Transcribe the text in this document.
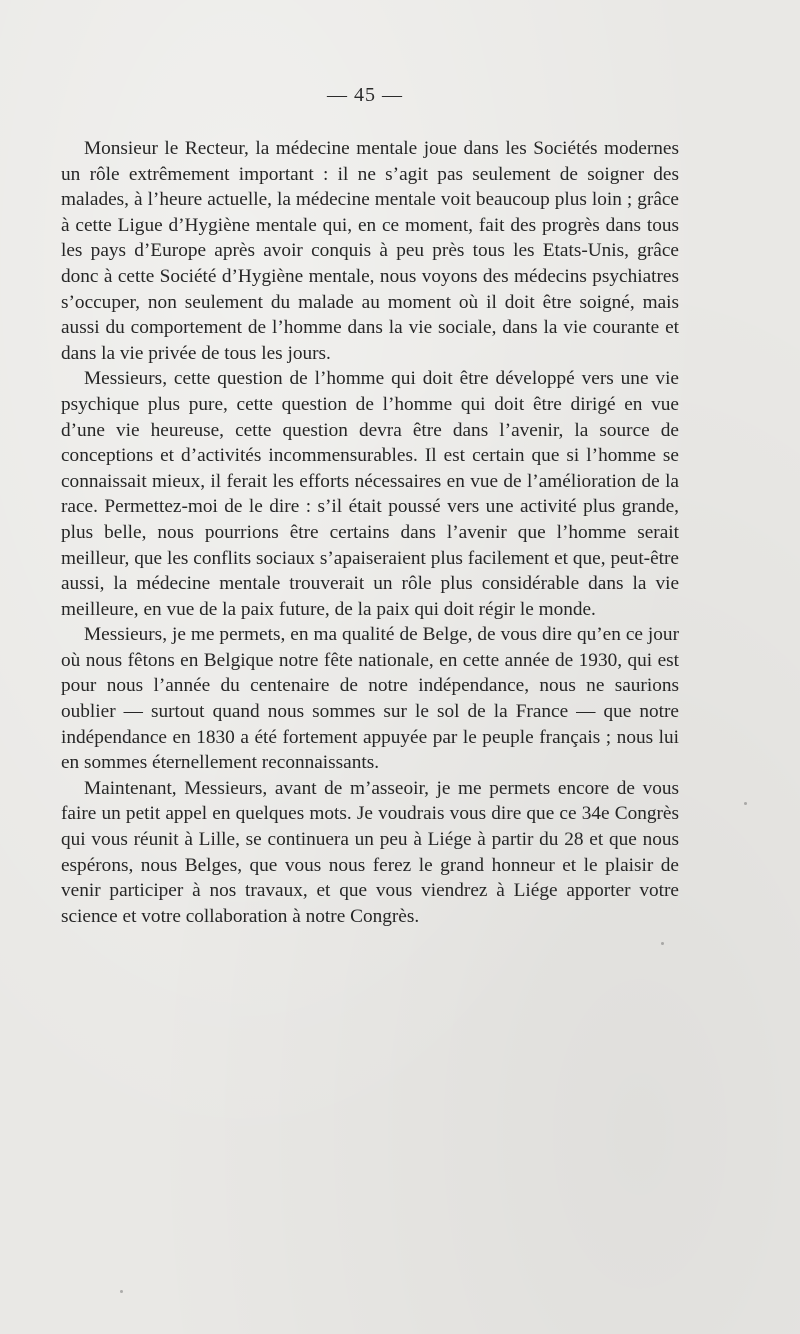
— 45 —

Monsieur le Recteur, la médecine mentale joue dans les Sociétés modernes un rôle extrêmement important : il ne s’agit pas seulement de soigner des malades, à l’heure actuelle, la médecine mentale voit beaucoup plus loin ; grâce à cette Ligue d’Hygiène mentale qui, en ce moment, fait des progrès dans tous les pays d’Europe après avoir conquis à peu près tous les Etats-Unis, grâce donc à cette Société d’Hygiène mentale, nous voyons des médecins psychiatres s’occuper, non seulement du malade au moment où il doit être soigné, mais aussi du comportement de l’homme dans la vie sociale, dans la vie courante et dans la vie privée de tous les jours.

Messieurs, cette question de l’homme qui doit être développé vers une vie psychique plus pure, cette question de l’homme qui doit être dirigé en vue d’une vie heureuse, cette question devra être dans l’avenir, la source de conceptions et d’activités incommensurables. Il est certain que si l’homme se connaissait mieux, il ferait les efforts nécessaires en vue de l’amélioration de la race. Permettez-moi de le dire : s’il était poussé vers une activité plus grande, plus belle, nous pourrions être certains dans l’avenir que l’homme serait meilleur, que les conflits sociaux s’apaiseraient plus facilement et que, peut-être aussi, la médecine mentale trouverait un rôle plus considérable dans la vie meilleure, en vue de la paix future, de la paix qui doit régir le monde.

Messieurs, je me permets, en ma qualité de Belge, de vous dire qu’en ce jour où nous fêtons en Belgique notre fête nationale, en cette année de 1930, qui est pour nous l’année du centenaire de notre indépendance, nous ne saurions oublier — surtout quand nous sommes sur le sol de la France — que notre indépendance en 1830 a été fortement appuyée par le peuple français ; nous lui en sommes éternellement reconnaissants.

Maintenant, Messieurs, avant de m’asseoir, je me permets encore de vous faire un petit appel en quelques mots. Je voudrais vous dire que ce 34e Congrès qui vous réunit à Lille, se continuera un peu à Liége à partir du 28 et que nous espérons, nous Belges, que vous nous ferez le grand honneur et le plaisir de venir participer à nos travaux, et que vous viendrez à Liége apporter votre science et votre collaboration à notre Congrès.
